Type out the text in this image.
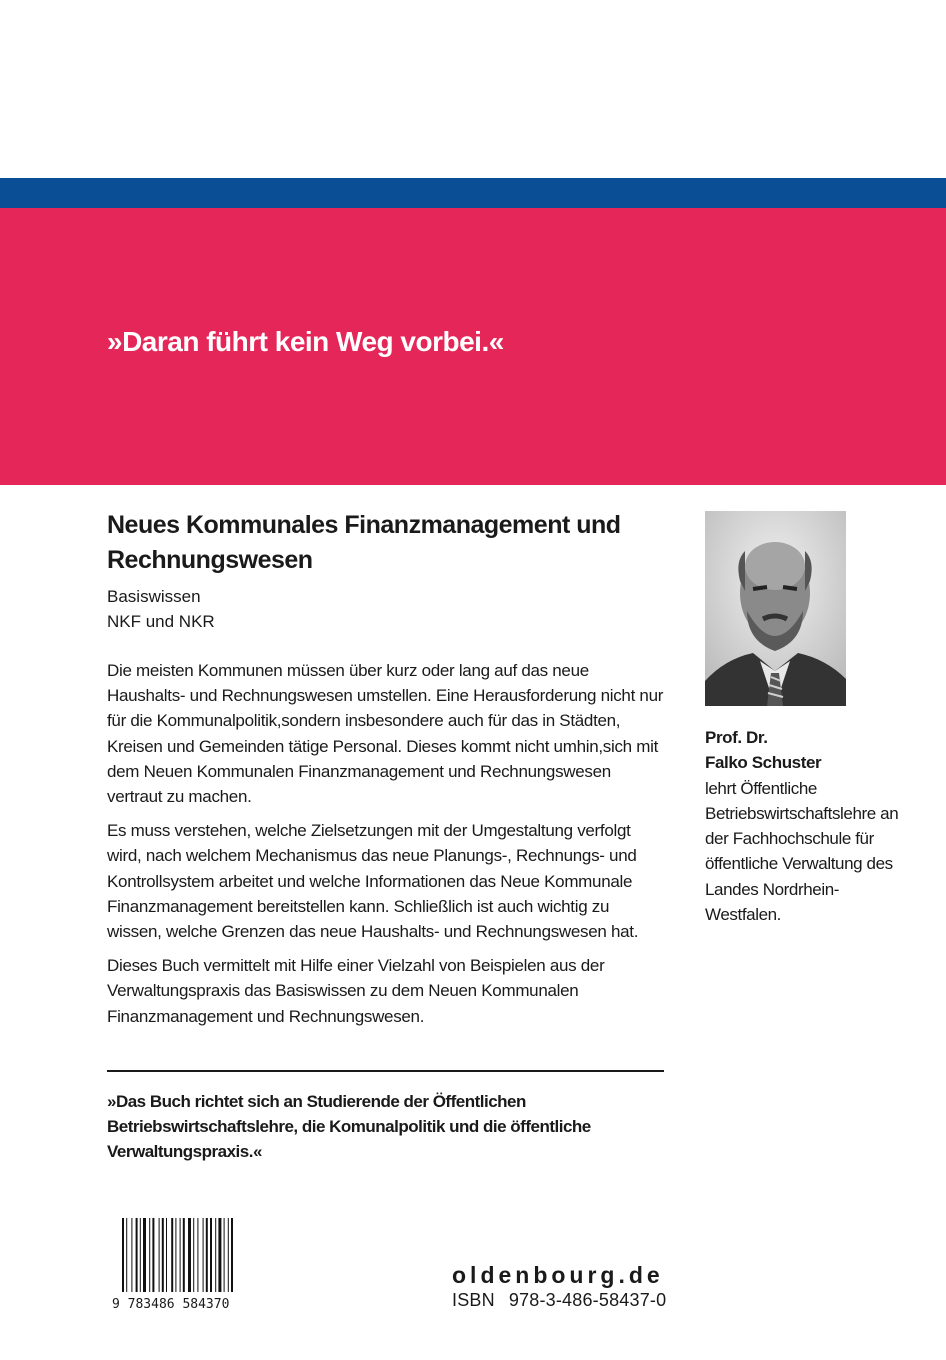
»Daran führt kein Weg vorbei.«

Neues Kommunales Finanzmanagement und Rechnungswesen
Basiswissen
NKF und NKR

Die meisten Kommunen müssen über kurz oder lang auf das neue Haushalts- und Rechnungswesen umstellen. Eine Herausforderung nicht nur für die Kommunalpolitik,sondern insbesondere auch für das in Städten, Kreisen und Gemeinden tätige Personal. Dieses kommt nicht umhin,sich mit dem Neuen Kommunalen Finanzmanagement und Rechnungswesen vertraut zu machen.

Es muss verstehen, welche Zielsetzungen mit der Umgestaltung verfolgt wird, nach welchem Mechanismus das neue Planungs-, Rechnungs- und Kontrollsystem arbeitet und welche Informationen das Neue Kommunale Finanzmanagement bereitstellen kann. Schließlich ist auch wichtig zu wissen, welche Grenzen das neue Haushalts- und Rechnungswesen hat.

Dieses Buch vermittelt mit Hilfe einer Vielzahl von Beispielen aus der Verwaltungspraxis das Basiswissen zu dem Neuen Kommunalen Finanzmanagement und Rechnungswesen.

»Das Buch richtet sich an Studierende der Öffentlichen Betriebswirtschaftslehre, die Komunalpolitik und die öffentliche Verwaltungspraxis.«

Prof. Dr.
Falko Schuster
lehrt Öffentliche Betriebswirtschaftslehre an der Fachhochschule für öffentliche Verwaltung des Landes Nordrhein-Westfalen.
9 783486 584370

oldenbourg.de

ISBN 978-3-486-58437-0
